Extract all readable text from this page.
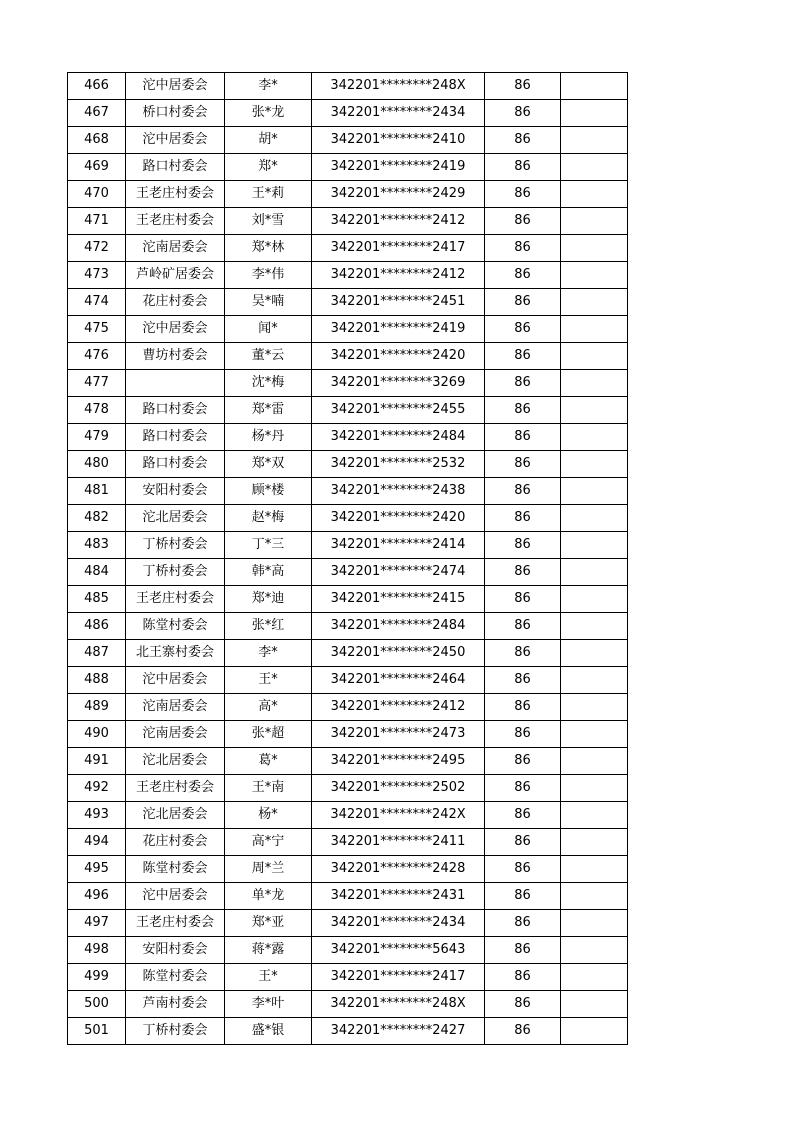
466	沱中居委会	李*	342201********248X	86	
467	桥口村委会	张*龙	342201********2434	86	
468	沱中居委会	胡*	342201********2410	86	
469	路口村委会	郑*	342201********2419	86	
470	王老庄村委会	王*莉	342201********2429	86	
471	王老庄村委会	刘*雪	342201********2412	86	
472	沱南居委会	郑*林	342201********2417	86	
473	芦岭矿居委会	李*伟	342201********2412	86	
474	花庄村委会	吴*喃	342201********2451	86	
475	沱中居委会	闻*	342201********2419	86	
476	曹坊村委会	董*云	342201********2420	86	
477		沈*梅	342201********3269	86	
478	路口村委会	郑*雷	342201********2455	86	
479	路口村委会	杨*丹	342201********2484	86	
480	路口村委会	郑*双	342201********2532	86	
481	安阳村委会	顾*楼	342201********2438	86	
482	沱北居委会	赵*梅	342201********2420	86	
483	丁桥村委会	丁*三	342201********2414	86	
484	丁桥村委会	韩*高	342201********2474	86	
485	王老庄村委会	郑*迪	342201********2415	86	
486	陈堂村委会	张*红	342201********2484	86	
487	北王寨村委会	李*	342201********2450	86	
488	沱中居委会	王*	342201********2464	86	
489	沱南居委会	高*	342201********2412	86	
490	沱南居委会	张*超	342201********2473	86	
491	沱北居委会	葛*	342201********2495	86	
492	王老庄村委会	王*南	342201********2502	86	
493	沱北居委会	杨*	342201********242X	86	
494	花庄村委会	高*宁	342201********2411	86	
495	陈堂村委会	周*兰	342201********2428	86	
496	沱中居委会	单*龙	342201********2431	86	
497	王老庄村委会	郑*亚	342201********2434	86	
498	安阳村委会	蒋*露	342201********5643	86	
499	陈堂村委会	王*	342201********2417	86	
500	芦南村委会	李*叶	342201********248X	86	
501	丁桥村委会	盛*银	342201********2427	86	
